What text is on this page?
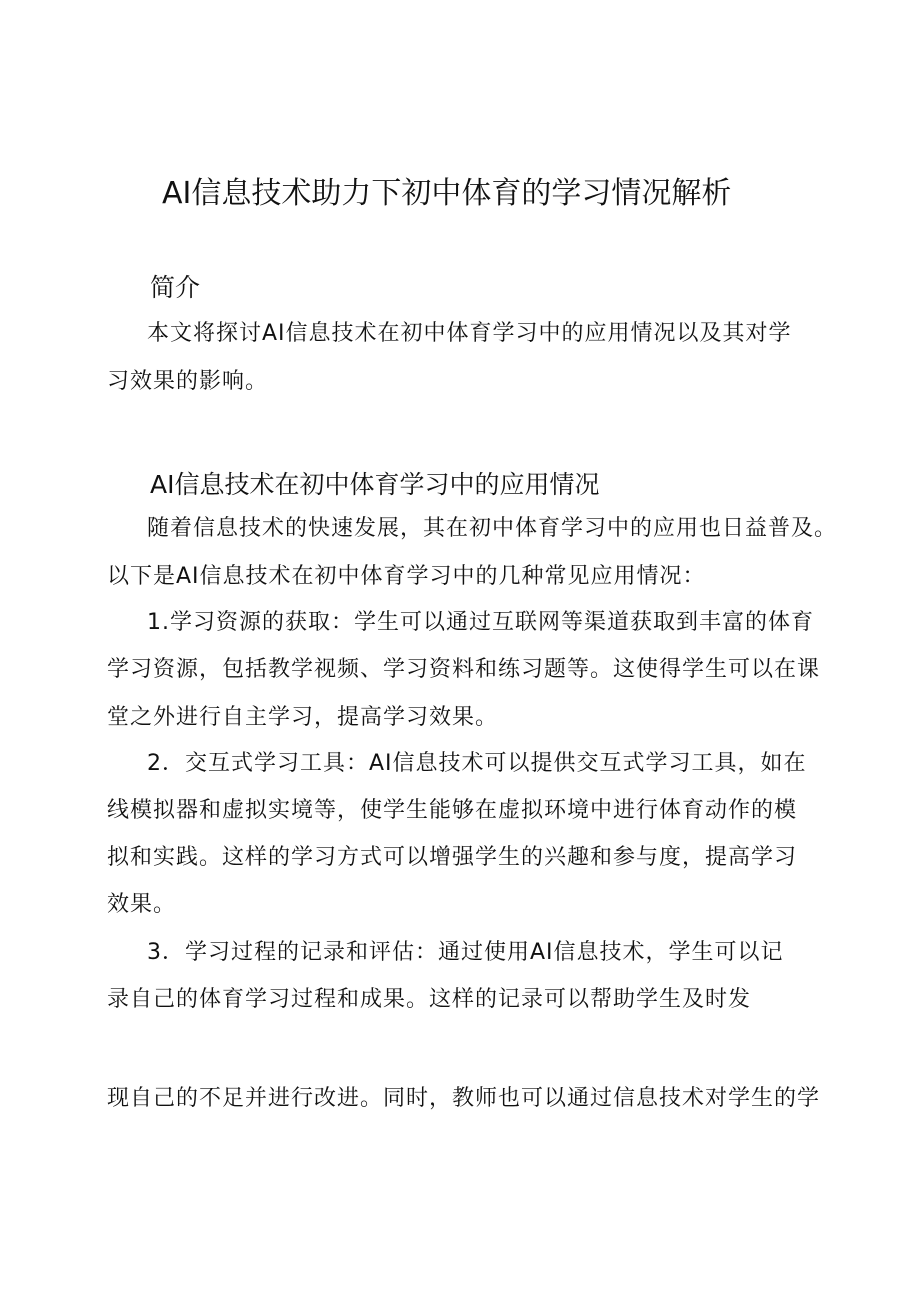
AI信息技术助力下初中体育的学习情况解析
简介

本文将探讨AI信息技术在初中体育学习中的应用情况以及其对学

习效果的影响。

AI信息技术在初中体育学习中的应用情况

随着信息技术的快速发展，其在初中体育学习中的应用也日益普及。

以下是AI信息技术在初中体育学习中的几种常见应用情况：

1.学习资源的获取：学生可以通过互联网等渠道获取到丰富的体育

学习资源，包括教学视频、学习资料和练习题等。这使得学生可以在课

堂之外进行自主学习，提高学习效果。

2．交互式学习工具：AI信息技术可以提供交互式学习工具，如在

线模拟器和虚拟实境等，使学生能够在虚拟环境中进行体育动作的模

拟和实践。这样的学习方式可以增强学生的兴趣和参与度，提高学习

效果。

3．学习过程的记录和评估：通过使用AI信息技术，学生可以记

录自己的体育学习过程和成果。这样的记录可以帮助学生及时发

现自己的不足并进行改进。同时，教师也可以通过信息技术对学生的学
